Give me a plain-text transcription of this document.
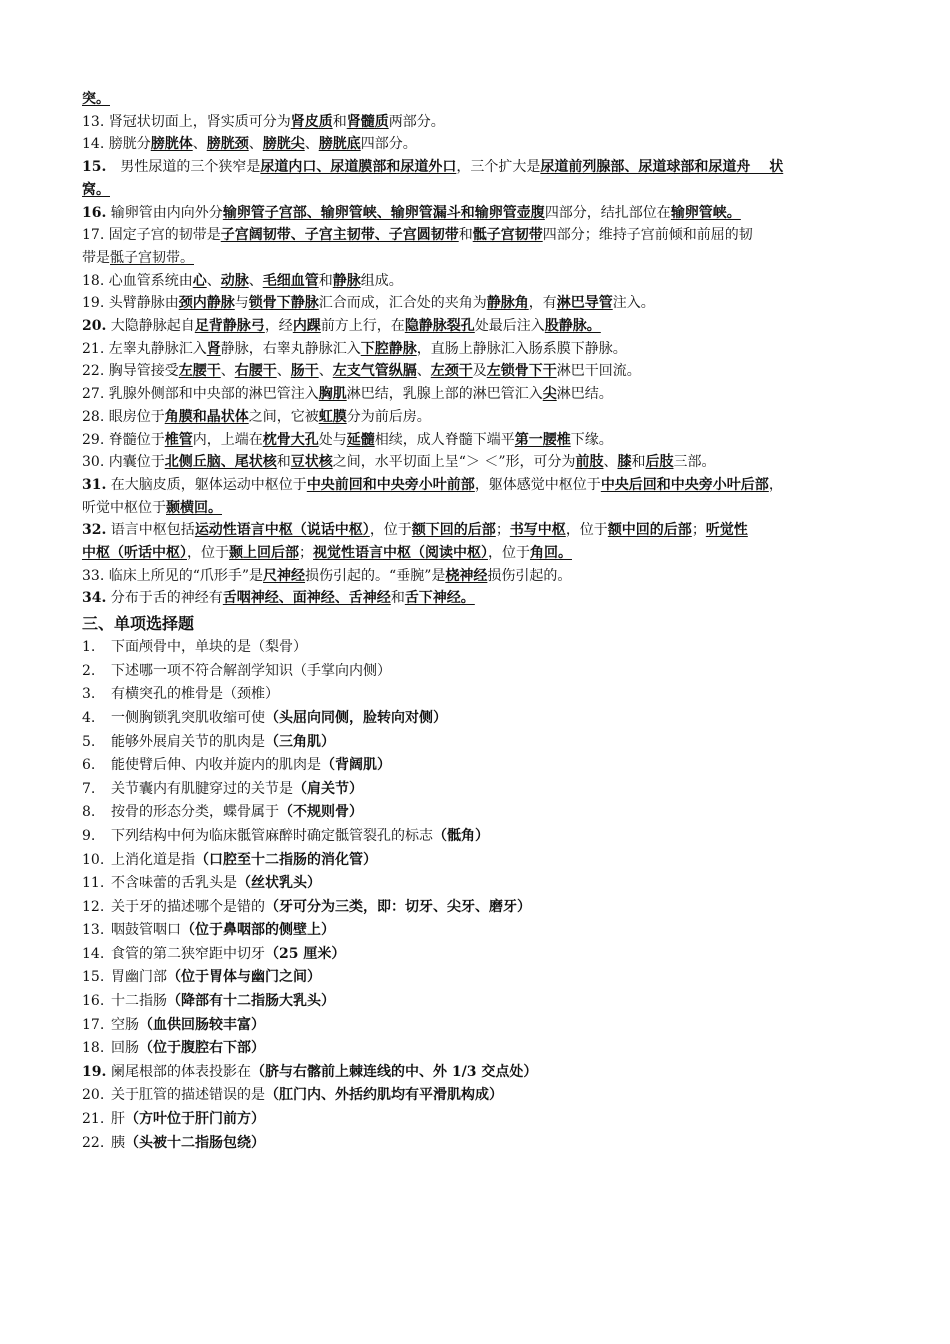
突。
13. 肾冠状切面上，肾实质可分为肾皮质和肾髓质两部分。
14. 膀胱分膀胱体、膀胱颈、膀胱尖、膀胱底四部分。
15.　男性尿道的三个狭窄是尿道内口、尿道膜部和尿道外口，三个扩大是尿道前列腺部、尿道球部和尿道舟　 状
窝。
16. 输卵管由内向外分输卵管子宫部、输卵管峡、输卵管漏斗和输卵管壶腹四部分，结扎部位在输卵管峡。
17. 固定子宫的韧带是子宫阔韧带、子宫主韧带、子宫圆韧带和骶子宫韧带四部分；维持子宫前倾和前屈的韧
带是骶子宫韧带。
18. 心血管系统由心、动脉、毛细血管和静脉组成。
19. 头臂静脉由颈内静脉与锁骨下静脉汇合而成，汇合处的夹角为静脉角，有淋巴导管注入。
20. 大隐静脉起自足背静脉弓，经内踝前方上行，在隐静脉裂孔处最后注入股静脉。
21. 左睾丸静脉汇入肾静脉，右睾丸静脉汇入下腔静脉，直肠上静脉汇入肠系膜下静脉。
22. 胸导管接受左腰干、右腰干、肠干、左支气管纵膈、左颈干及左锁骨下干淋巴干回流。
27. 乳腺外侧部和中央部的淋巴管注入胸肌淋巴结，乳腺上部的淋巴管汇入尖淋巴结。
28. 眼房位于角膜和晶状体之间，它被虹膜分为前后房。
29. 脊髓位于椎管内，上端在枕骨大孔处与延髓相续，成人脊髓下端平第一腰椎下缘。
30. 内囊位于北侧丘脑、尾状核和豆状核之间，水平切面上呈“＞ ＜”形，可分为前肢、膝和后肢三部。
31. 在大脑皮质，躯体运动中枢位于中央前回和中央旁小叶前部，躯体感觉中枢位于中央后回和中央旁小叶后部，
听觉中枢位于颞横回。
32. 语言中枢包括运动性语言中枢（说话中枢），位于额下回的后部；书写中枢，位于额中回的后部；听觉性
中枢（听话中枢），位于颞上回后部；视觉性语言中枢（阅读中枢），位于角回。
33. 临床上所见的“爪形手”是尺神经损伤引起的。“垂腕”是桡神经损伤引起的。
34. 分布于舌的神经有舌咽神经、面神经、舌神经和舌下神经。
三、单项选择题
1.	下面颅骨中，单块的是（梨骨）
2.	下述哪一项不符合解剖学知识（手掌向内侧）
3.	有横突孔的椎骨是（颈椎）
4.	一侧胸锁乳突肌收缩可使（头屈向同侧，脸转向对侧）
5.	能够外展肩关节的肌肉是（三角肌）
6.	能使臂后伸、内收并旋内的肌肉是（背阔肌）
7.	关节囊内有肌腱穿过的关节是（肩关节）
8.	按骨的形态分类，蝶骨属于（不规则骨）
9.	下列结构中何为临床骶管麻醉时确定骶管裂孔的标志（骶角）
10. 上消化道是指（口腔至十二指肠的消化管）
11. 不含味蕾的舌乳头是（丝状乳头）
12. 关于牙的描述哪个是错的（牙可分为三类，即：切牙、尖牙、磨牙）
13. 咽鼓管咽口（位于鼻咽部的侧壁上）
14. 食管的第二狭窄距中切牙（25 厘米）
15. 胃幽门部（位于胃体与幽门之间）
16. 十二指肠（降部有十二指肠大乳头）
17. 空肠（血供回肠较丰富）
18. 回肠（位于腹腔右下部）
19. 阑尾根部的体表投影在（脐与右髂前上棘连线的中、外 1/3 交点处）
20. 关于肛管的描述错误的是（肛门内、外括约肌均有平滑肌构成）
21. 肝（方叶位于肝门前方）
22. 胰（头被十二指肠包绕）
